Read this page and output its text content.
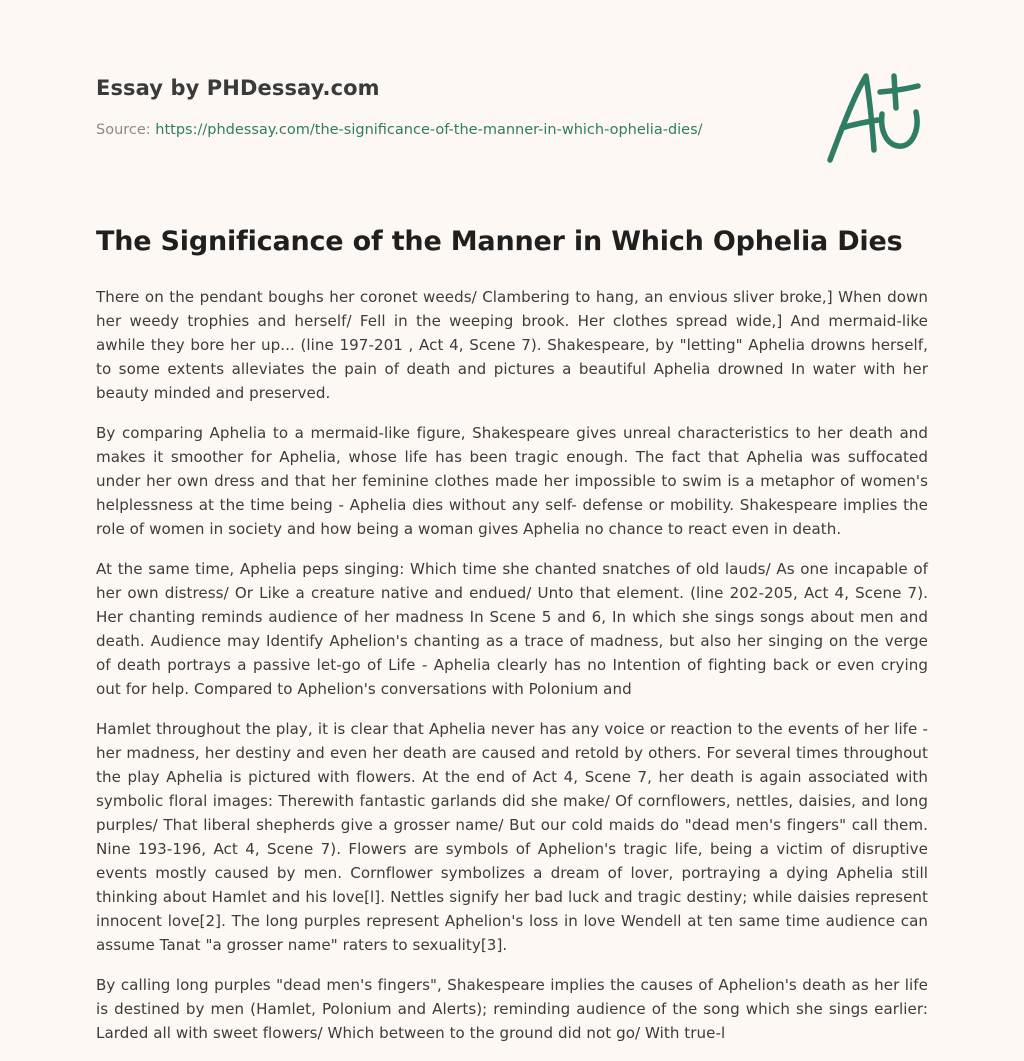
Essay by PHDessay.com
Source: https://phdessay.com/the-significance-of-the-manner-in-which-ophelia-dies/
The Significance of the Manner in Which Ophelia Dies

There on the pendant boughs her coronet weeds/ Clambering to hang, an envious sliver broke,] When down her weedy trophies and herself/ Fell in the weeping brook. Her clothes spread wide,] And mermaid-like awhile they bore her up... (line 197-201 , Act 4, Scene 7). Shakespeare, by "letting" Aphelia drowns herself, to some extents alleviates the pain of death and pictures a beautiful Aphelia drowned In water with her beauty minded and preserved.

By comparing Aphelia to a mermaid-like figure, Shakespeare gives unreal characteristics to her death and makes it smoother for Aphelia, whose life has been tragic enough. The fact that Aphelia was suffocated under her own dress and that her feminine clothes made her impossible to swim is a metaphor of women's helplessness at the time being - Aphelia dies without any self- defense or mobility. Shakespeare implies the role of women in society and how being a woman gives Aphelia no chance to react even in death.

At the same time, Aphelia peps singing: Which time she chanted snatches of old lauds/ As one incapable of her own distress/ Or Like a creature native and endued/ Unto that element. (line 202-205, Act 4, Scene 7). Her chanting reminds audience of her madness In Scene 5 and 6, In which she sings songs about men and death. Audience may Identify Aphelion's chanting as a trace of madness, but also her singing on the verge of death portrays a passive let-go of Life - Aphelia clearly has no Intention of fighting back or even crying out for help. Compared to Aphelion's conversations with Polonium and

Hamlet throughout the play, it is clear that Aphelia never has any voice or reaction to the events of her life - her madness, her destiny and even her death are caused and retold by others. For several times throughout the play Aphelia is pictured with flowers. At the end of Act 4, Scene 7, her death is again associated with symbolic floral images: Therewith fantastic garlands did she make/ Of cornflowers, nettles, daisies, and long purples/ That liberal shepherds give a grosser name/ But our cold maids do "dead men's fingers" call them. Nine 193-196, Act 4, Scene 7). Flowers are symbols of Aphelion's tragic life, being a victim of disruptive events mostly caused by men. Cornflower symbolizes a dream of lover, portraying a dying Aphelia still thinking about Hamlet and his love[l]. Nettles signify her bad luck and tragic destiny; while daisies represent innocent love[2]. The long purples represent Aphelion's loss in love Wendell at ten same time audience can assume Tanat "a grosser name" raters to sexuality[3].

By calling long purples "dead men's fingers", Shakespeare implies the causes of Aphelion's death as her life is destined by men (Hamlet, Polonium and Alerts); reminding audience of the song which she sings earlier: Larded all with sweet flowers/ Which between to the ground did not go/ With true-l
